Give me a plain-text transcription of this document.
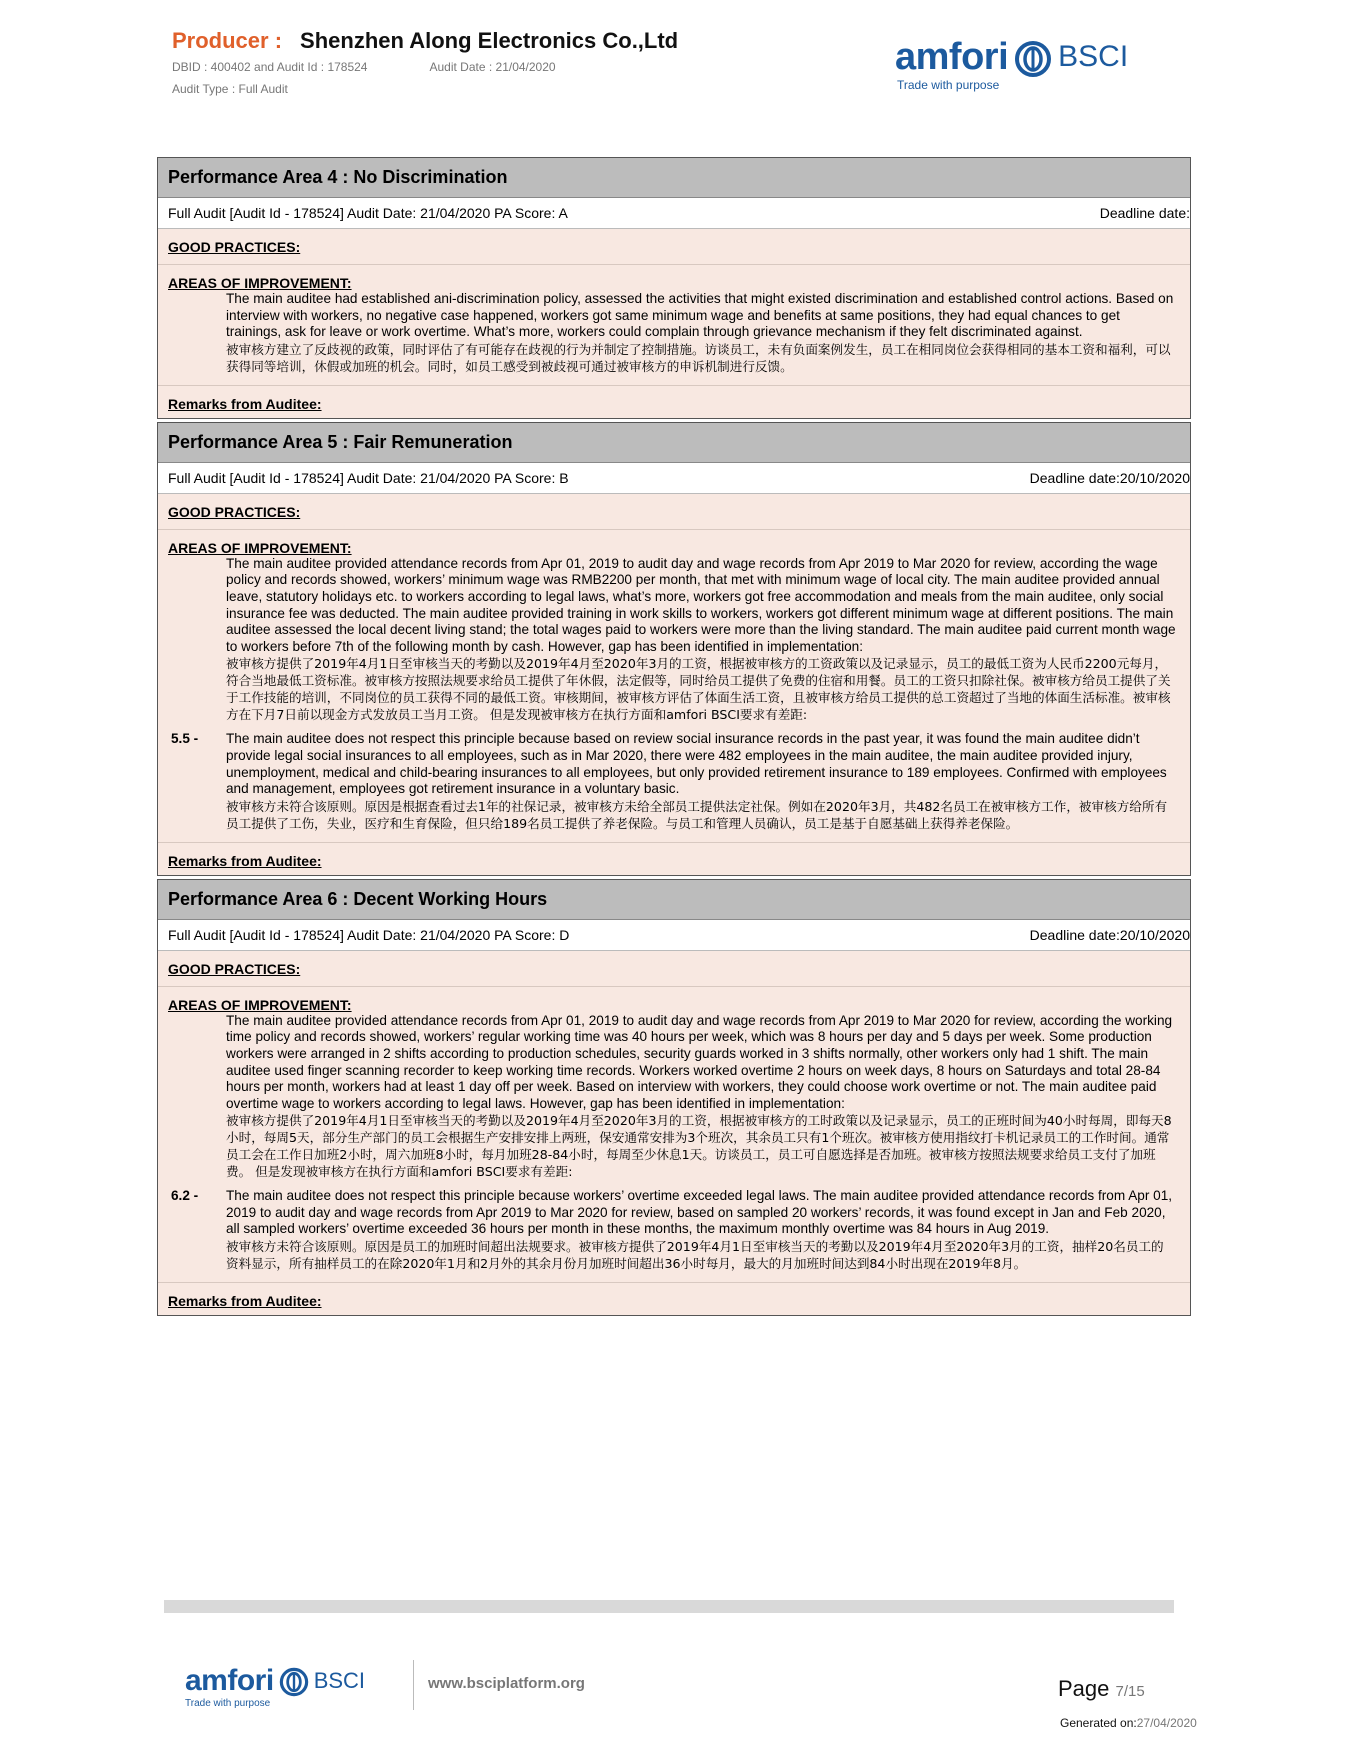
Producer : Shenzhen Along Electronics Co.,Ltd
DBID : 400402 and Audit Id : 178524	Audit Date : 21/04/2020
Audit Type : Full Audit
amfori BSCI
Trade with purpose
Performance Area 4 : No Discrimination
Full Audit [Audit Id - 178524] Audit Date: 21/04/2020 PA Score: A	Deadline date:
GOOD PRACTICES:
AREAS OF IMPROVEMENT:
The main auditee had established ani-discrimination policy, assessed the activities that might existed discrimination and established control actions. Based on interview with workers, no negative case happened, workers got same minimum wage and benefits at same positions, they had equal chances to get trainings, ask for leave or work overtime. What’s more, workers could complain through grievance mechanism if they felt discriminated against.
被审核方建立了反歧视的政策，同时评估了有可能存在歧视的行为并制定了控制措施。访谈员工，未有负面案例发生，员工在相同岗位会获得相同的基本工资和福利，可以获得同等培训，休假或加班的机会。同时，如员工感受到被歧视可通过被审核方的申诉机制进行反馈。
Remarks from Auditee:
Performance Area 5 : Fair Remuneration
Full Audit [Audit Id - 178524] Audit Date: 21/04/2020 PA Score: B	Deadline date:20/10/2020
GOOD PRACTICES:
AREAS OF IMPROVEMENT:
The main auditee provided attendance records from Apr 01, 2019 to audit day and wage records from Apr 2019 to Mar 2020 for review, according the wage policy and records showed, workers’ minimum wage was RMB2200 per month, that met with minimum wage of local city. The main auditee provided annual leave, statutory holidays etc. to workers according to legal laws, what’s more, workers got free accommodation and meals from the main auditee, only social insurance fee was deducted. The main auditee provided training in work skills to workers, workers got different minimum wage at different positions. The main auditee assessed the local decent living stand; the total wages paid to workers were more than the living standard. The main auditee paid current month wage to workers before 7th of the following month by cash. However, gap has been identified in implementation:
被审核方提供了2019年4月1日至审核当天的考勤以及2019年4月至2020年3月的工资，根据被审核方的工资政策以及记录显示，员工的最低工资为人民币2200元每月，符合当地最低工资标准。被审核方按照法规要求给员工提供了年休假，法定假等，同时给员工提供了免费的住宿和用餐。员工的工资只扣除社保。被审核方给员工提供了关于工作技能的培训，不同岗位的员工获得不同的最低工资。审核期间，被审核方评估了体面生活工资，且被审核方给员工提供的总工资超过了当地的体面生活标准。被审核方在下月7日前以现金方式发放员工当月工资。 但是发现被审核方在执行方面和amfori BSCI要求有差距:
5.5 -	The main auditee does not respect this principle because based on review social insurance records in the past year, it was found the main auditee didn’t provide legal social insurances to all employees, such as in Mar 2020, there were 482 employees in the main auditee, the main auditee provided injury, unemployment, medical and child-bearing insurances to all employees, but only provided retirement insurance to 189 employees. Confirmed with employees and management, employees got retirement insurance in a voluntary basic.
被审核方未符合该原则。原因是根据查看过去1年的社保记录，被审核方未给全部员工提供法定社保。例如在2020年3月，共482名员工在被审核方工作，被审核方给所有员工提供了工伤，失业，医疗和生育保险，但只给189名员工提供了养老保险。与员工和管理人员确认，员工是基于自愿基础上获得养老保险。
Remarks from Auditee:
Performance Area 6 : Decent Working Hours
Full Audit [Audit Id - 178524] Audit Date: 21/04/2020 PA Score: D	Deadline date:20/10/2020
GOOD PRACTICES:
AREAS OF IMPROVEMENT:
The main auditee provided attendance records from Apr 01, 2019 to audit day and wage records from Apr 2019 to Mar 2020 for review, according the working time policy and records showed, workers’ regular working time was 40 hours per week, which was 8 hours per day and 5 days per week. Some production workers were arranged in 2 shifts according to production schedules, security guards worked in 3 shifts normally, other workers only had 1 shift. The main auditee used finger scanning recorder to keep working time records. Workers worked overtime 2 hours on week days, 8 hours on Saturdays and total 28-84 hours per month, workers had at least 1 day off per week. Based on interview with workers, they could choose work overtime or not. The main auditee paid overtime wage to workers according to legal laws. However, gap has been identified in implementation:
被审核方提供了2019年4月1日至审核当天的考勤以及2019年4月至2020年3月的工资，根据被审核方的工时政策以及记录显示，员工的正班时间为40小时每周，即每天8小时，每周5天，部分生产部门的员工会根据生产安排安排上两班，保安通常安排为3个班次，其余员工只有1个班次。被审核方使用指纹打卡机记录员工的工作时间。通常员工会在工作日加班2小时，周六加班8小时，每月加班28-84小时，每周至少休息1天。访谈员工，员工可自愿选择是否加班。被审核方按照法规要求给员工支付了加班费。 但是发现被审核方在执行方面和amfori BSCI要求有差距:
6.2 -	The main auditee does not respect this principle because workers’ overtime exceeded legal laws. The main auditee provided attendance records from Apr 01, 2019 to audit day and wage records from Apr 2019 to Mar 2020 for review, based on sampled 20 workers’ records, it was found except in Jan and Feb 2020, all sampled workers’ overtime exceeded 36 hours per month in these months, the maximum monthly overtime was 84 hours in Aug 2019.
被审核方未符合该原则。原因是员工的加班时间超出法规要求。被审核方提供了2019年4月1日至审核当天的考勤以及2019年4月至2020年3月的工资，抽样20名员工的资料显示，所有抽样员工的在除2020年1月和2月外的其余月份月加班时间超出36小时每月，最大的月加班时间达到84小时出现在2019年8月。
Remarks from Auditee:
amfori BSCI
Trade with purpose
www.bsciplatform.org	Page 7/15
Generated on:27/04/2020
